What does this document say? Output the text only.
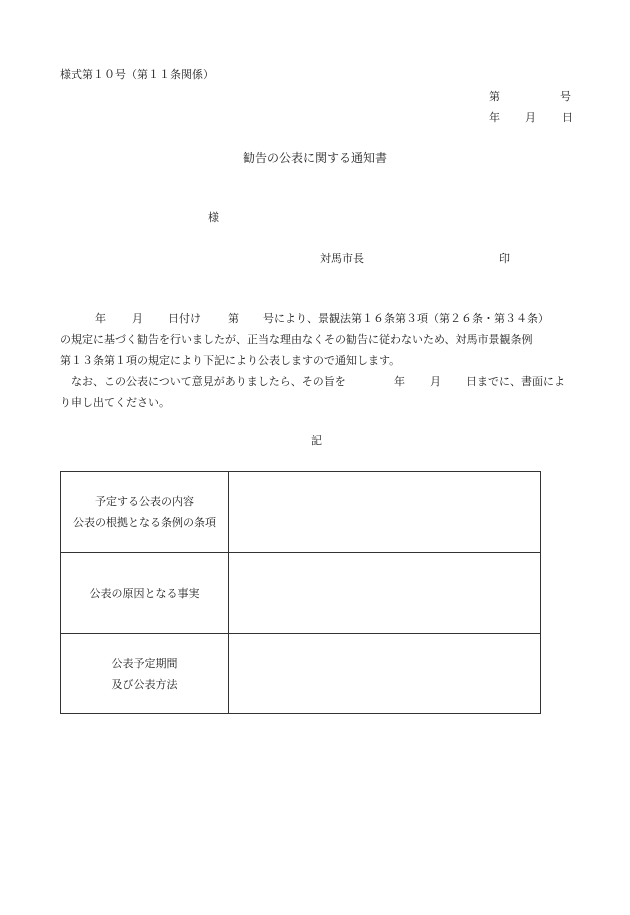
様式第１０号（第１１条関係）
第	号
年 月 日
勧告の公表に関する通知書
様
対馬市長	印
年 月 日付け 第 号により、景観法第１６条第３項（第２６条・第３４条）
の規定に基づく勧告を行いましたが、正当な理由なくその勧告に従わないため、対馬市景観条例
第１３条第１項の規定により下記により公表しますので通知します。
なお、この公表について意見がありましたら、その旨を	年 月 日までに、書面によ
り申し出てください。
記
予定する公表の内容
公表の根拠となる条例の条項	

公表の原因となる事実	

公表予定期間
及び公表方法	
